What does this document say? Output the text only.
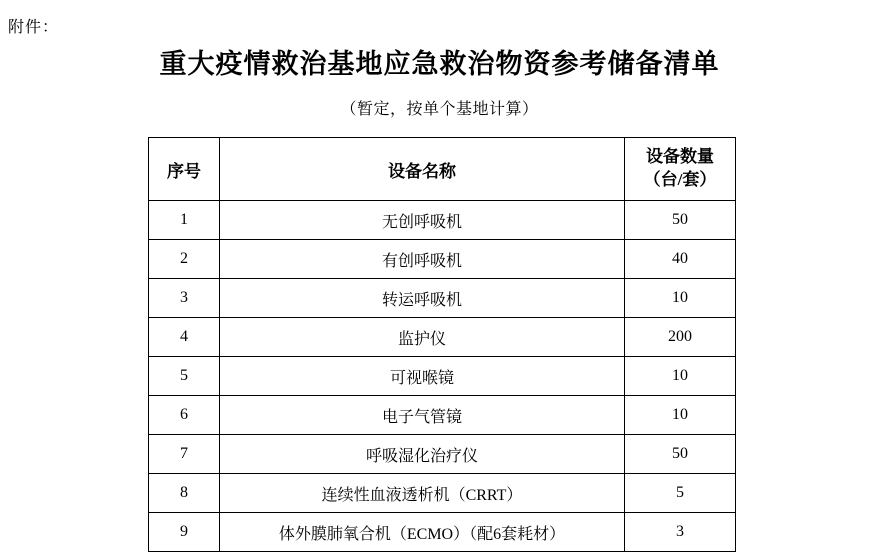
附件：
重大疫情救治基地应急救治物资参考储备清单
（暂定，按单个基地计算）
序号	设备名称	设备数量
（台/套）

1	无创呼吸机	50
2	有创呼吸机	40
3	转运呼吸机	10
4	监护仪	200
5	可视喉镜	10
6	电子气管镜	10
7	呼吸湿化治疗仪	50
8	连续性血液透析机（CRRT）	5
9	体外膜肺氧合机（ECMO）（配6套耗材）	3
